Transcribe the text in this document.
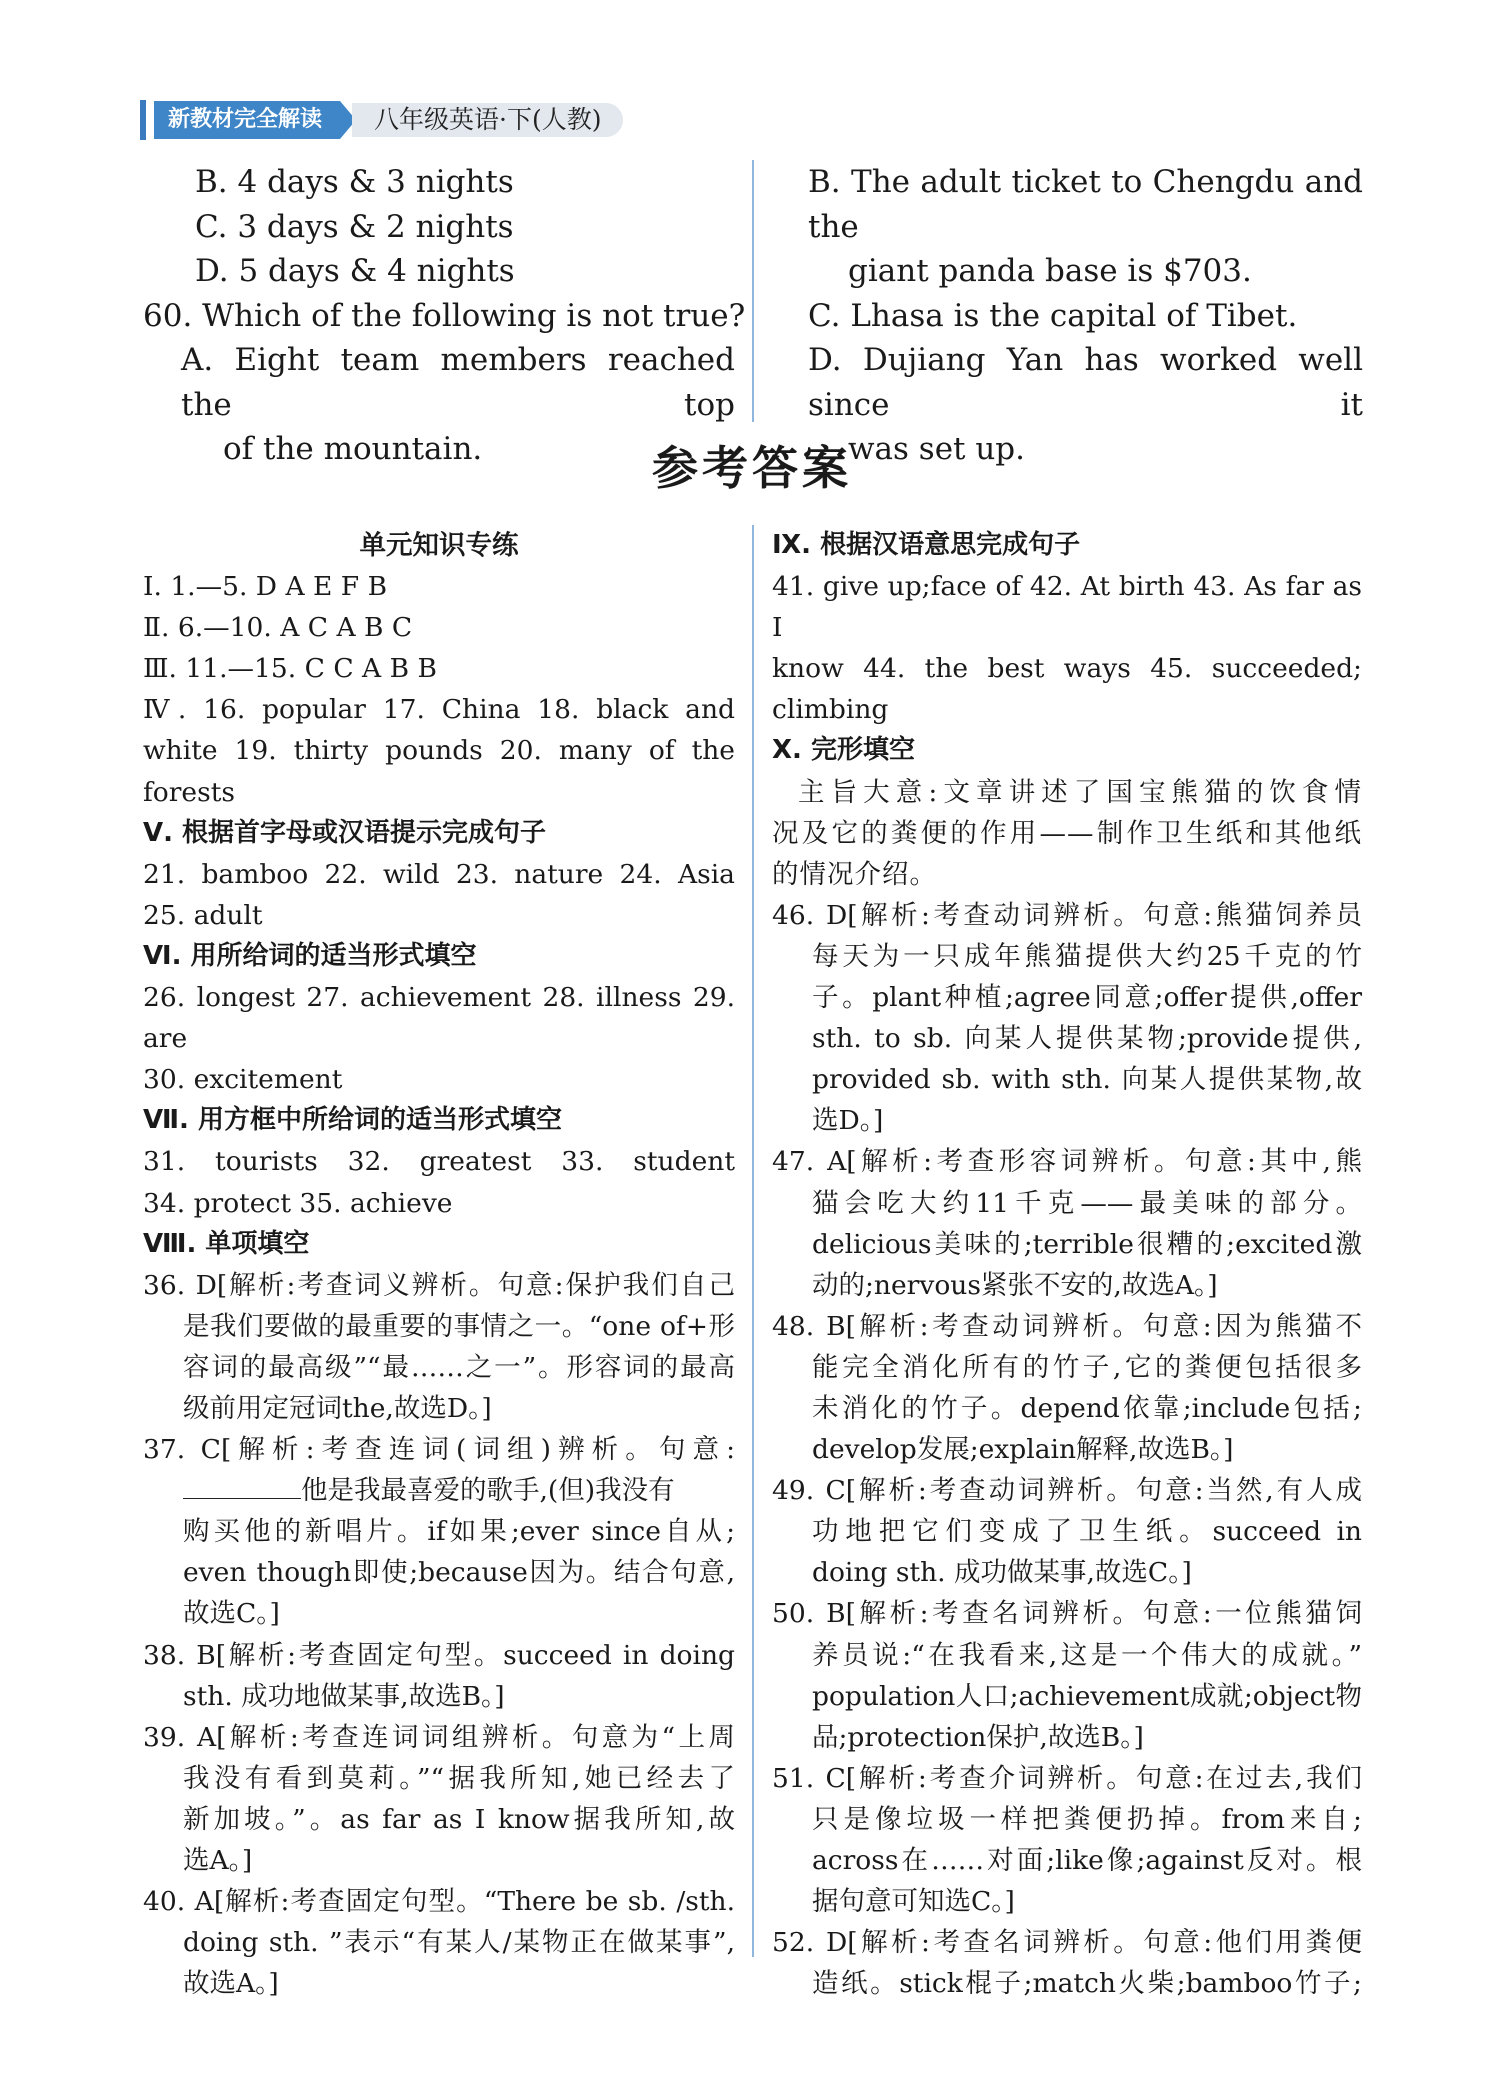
新教材完全解读	八年级英语·下(人教)
B. 4 days & 3 nights
C. 3 days & 2 nights
D. 5 days & 4 nights
60. Which of the following is not true?
A. Eight team members reached the top
of the mountain.
B. The adult ticket to Chengdu and the
giant panda base is $703.
C. Lhasa is the capital of Tibet.
D. Dujiang Yan has worked well since it
was set up.
参考答案
单元知识专练
Ⅰ. 1.—5. D A E F B
Ⅱ. 6.—10. A C A B C
Ⅲ. 11.—15. C C A B B
Ⅳ. 16. popular 17. China 18. black and
white 19. thirty pounds 20. many of the
forests
Ⅴ. 根据首字母或汉语提示完成句子
21. bamboo 22. wild 23. nature 24. Asia
25. adult
Ⅵ. 用所给词的适当形式填空
26. longest 27. achievement 28. illness 29. are
30. excitement
Ⅶ. 用方框中所给词的适当形式填空
31. tourists 32. greatest 33. student
34. protect 35. achieve
Ⅷ. 单项填空
36. D[解析:考查词义辨析。句意:保护我们自己
是我们要做的最重要的事情之一。“one of+形
容词的最高级”“最……之一”。形容词的最高
级前用定冠词the,故选D。]
37. C[解析:考查连词(词组)辨析。句意:
他是我最喜爱的歌手,(但)我没有
购买他的新唱片。if如果;ever since自从;
even though即使;because因为。结合句意,
故选C。]
38. B[解析:考查固定句型。succeed in doing
sth. 成功地做某事,故选B。]
39. A[解析:考查连词词组辨析。句意为“上周
我没有看到莫莉。”“据我所知,她已经去了
新加坡。”。as far as I know据我所知,故
选A。]
40. A[解析:考查固定句型。“There be sb. /sth.
doing sth. ”表示“有某人/某物正在做某事”,
故选A。]
Ⅸ. 根据汉语意思完成句子
41. give up;face of 42. At birth 43. As far as I
know 44. the best ways 45. succeeded;
climbing
Ⅹ. 完形填空
主旨大意:文章讲述了国宝熊猫的饮食情
况及它的粪便的作用——制作卫生纸和其他纸
的情况介绍。
46. D[解析:考查动词辨析。句意:熊猫饲养员
每天为一只成年熊猫提供大约25千克的竹
子。plant种植;agree同意;offer提供,offer
sth. to sb. 向某人提供某物;provide提供,
provided sb. with sth. 向某人提供某物,故
选D。]
47. A[解析:考查形容词辨析。句意:其中,熊
猫会吃大约11千克——最美味的部分。
delicious美味的;terrible很糟的;excited激
动的;nervous紧张不安的,故选A。]
48. B[解析:考查动词辨析。句意:因为熊猫不
能完全消化所有的竹子,它的粪便包括很多
未消化的竹子。depend依靠;include包括;
develop发展;explain解释,故选B。]
49. C[解析:考查动词辨析。句意:当然,有人成
功地把它们变成了卫生纸。succeed in
doing sth. 成功做某事,故选C。]
50. B[解析:考查名词辨析。句意:一位熊猫饲
养员说:“在我看来,这是一个伟大的成就。”
population人口;achievement成就;object物
品;protection保护,故选B。]
51. C[解析:考查介词辨析。句意:在过去,我们
只是像垃圾一样把粪便扔掉。from来自;
across在……对面;like像;against反对。根
据句意可知选C。]
52. D[解析:考查名词辨析。句意:他们用粪便
造纸。stick棍子;match火柴;bamboo竹子;
